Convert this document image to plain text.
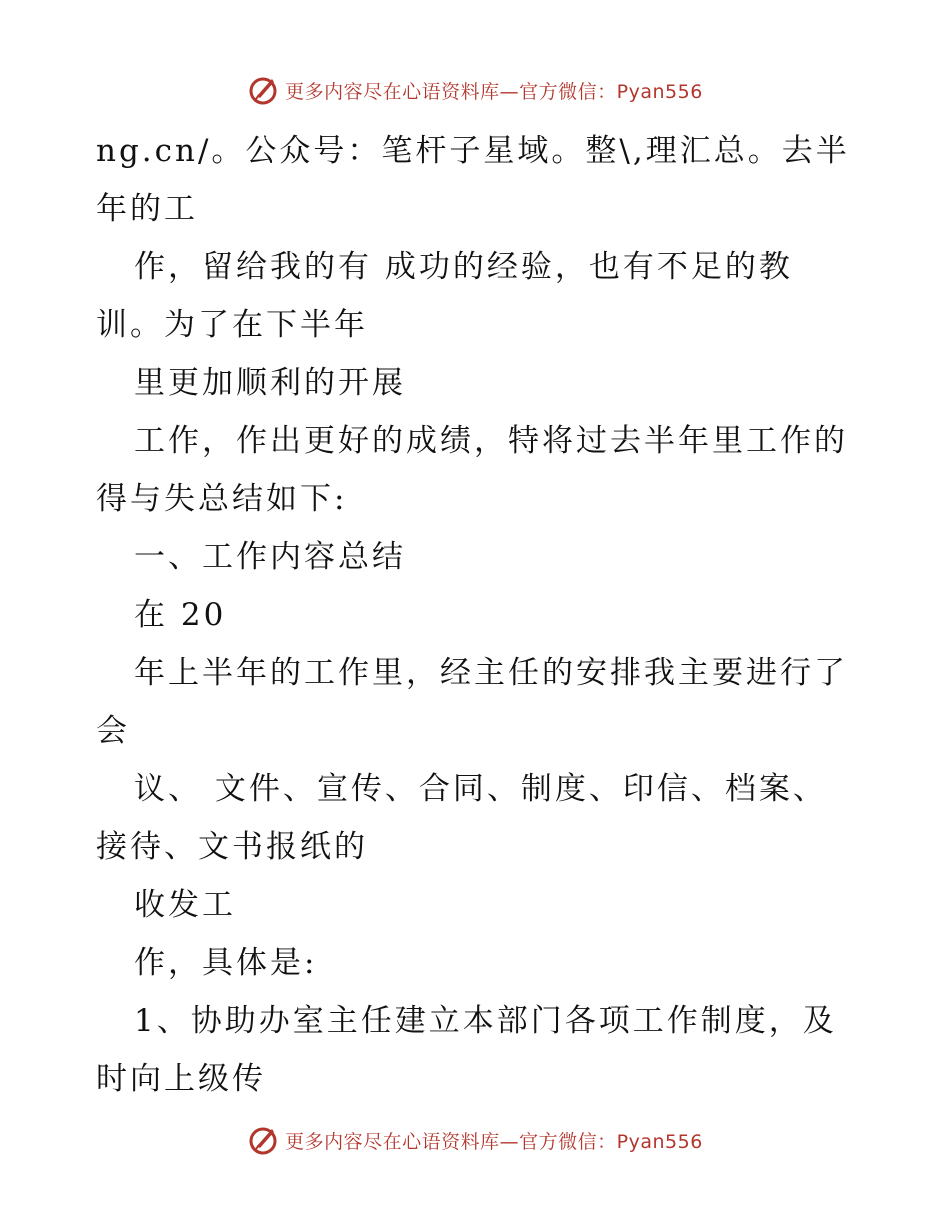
更多内容尽在心语资料库—官方微信：Pyan556
ng.cn/。公众号：笔杆子星域。整\,理汇总。去半
年的工
作，留给我的有 成功的经验，也有不足的教
训。为了在下半年
里更加顺利的开展
工作，作出更好的成绩，特将过去半年里工作的
得与失总结如下:
一、工作内容总结
在 20
年上半年的工作里，经主任的安排我主要进行了
会
议、 文件、宣传、合同、制度、印信、档案、
接待、文书报纸的
收发工
作，具体是:
1、协助办室主任建立本部门各项工作制度，及
时向上级传
更多内容尽在心语资料库—官方微信：Pyan556
